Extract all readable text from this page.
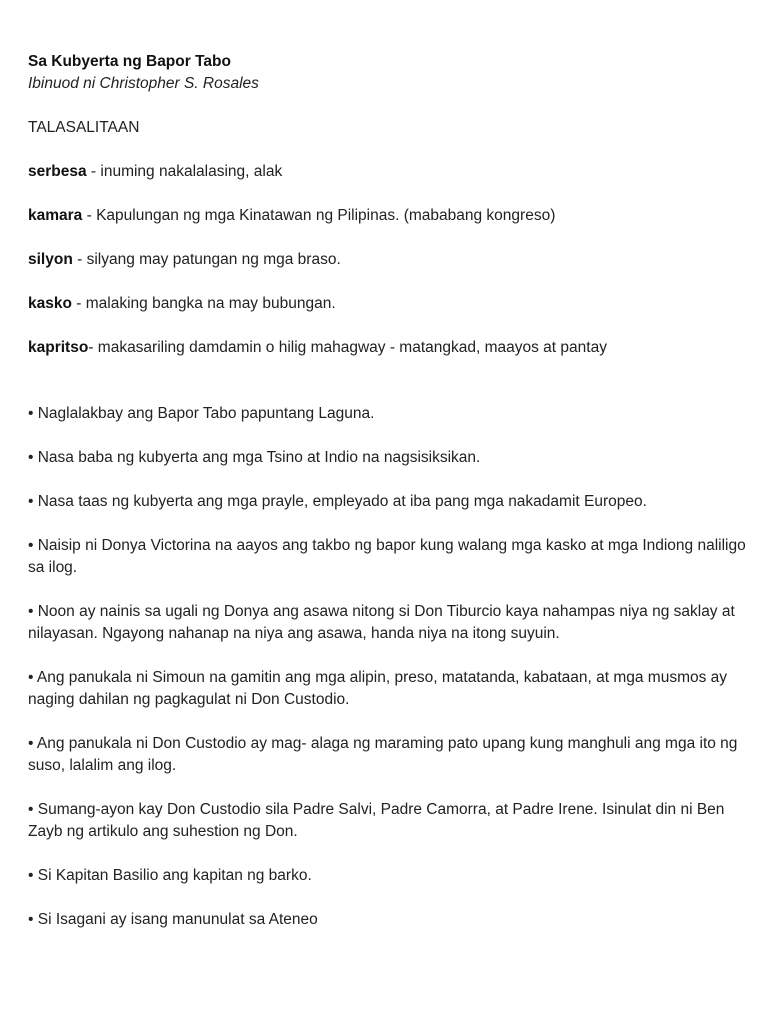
Sa Kubyerta ng Bapor Tabo

Ibinuod ni Christopher S. Rosales

TALASALITAAN

serbesa - inuming nakalalasing, alak

kamara - Kapulungan ng mga Kinatawan ng Pilipinas. (mababang kongreso)

silyon - silyang may patungan ng mga braso.

kasko - malaking bangka na may bubungan.

kapritso- makasariling damdamin o hilig mahagway - matangkad, maayos at pantay

• Naglalakbay ang Bapor Tabo papuntang Laguna.

• Nasa baba ng kubyerta ang mga Tsino at Indio na nagsisiksikan.

• Nasa taas ng kubyerta ang mga prayle, empleyado at iba pang mga nakadamit Europeo.

• Naisip ni Donya Victorina na aayos ang takbo ng bapor kung walang mga kasko at mga Indiong naliligo sa ilog.

• Noon ay nainis sa ugali ng Donya ang asawa nitong si Don Tiburcio kaya nahampas niya ng saklay at nilayasan. Ngayong nahanap na niya ang asawa, handa niya na itong suyuin.

• Ang panukala ni Simoun na gamitin ang mga alipin, preso, matatanda, kabataan, at mga musmos ay naging dahilan ng pagkagulat ni Don Custodio.

• Ang panukala ni Don Custodio ay mag- alaga ng maraming pato upang kung manghuli ang mga ito ng suso, lalalim ang ilog.

• Sumang-ayon kay Don Custodio sila Padre Salvi, Padre Camorra, at Padre Irene. Isinulat din ni Ben Zayb ng artikulo ang suhestion ng Don.

• Si Kapitan Basilio ang kapitan ng barko.

• Si Isagani ay isang manunulat sa Ateneo
